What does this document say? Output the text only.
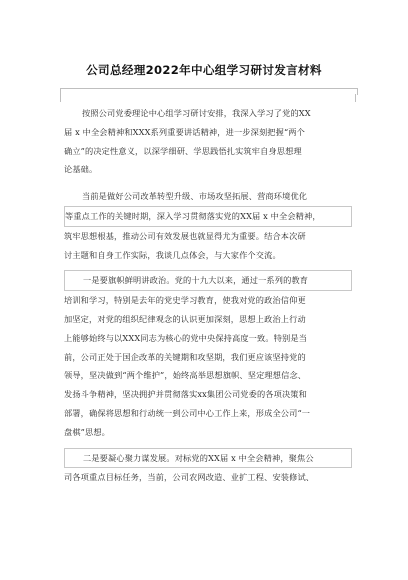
公司总经理2022年中心组学习研讨发言材料
按照公司党委理论中心组学习研讨安排，我深入学习了党的XX
届 x 中全会精神和XXX系列重要讲话精神，进一步深刻把握“两个
确立”的决定性意义，以深学细研、学思践悟扎实筑牢自身思想理
论基础。
当前是做好公司改革转型升级、市场攻坚拓展、营商环境优化
等重点工作的关键时期，深入学习贯彻落实党的XX届 x 中全会精神，
筑牢思想根基，推动公司有效发展也就显得尤为重要。结合本次研
讨主题和自身工作实际，我谈几点体会，与大家作个交流。
一是要旗帜鲜明讲政治。党的十九大以来，通过一系列的教育
培训和学习，特别是去年的党史学习教育，使我对党的政治信仰更
加坚定，对党的组织纪律观念的认识更加深刻，思想上政治上行动
上能够始终与以XXX同志为核心的党中央保持高度一致。特别是当
前，公司正处于国企改革的关键期和攻坚期，我们更应该坚持党的
领导，坚决做到“两个维护”，始终高举思想旗帜、坚定理想信念、
发扬斗争精神，坚决拥护并贯彻落实xx集团公司党委的各项决策和
部署，确保将思想和行动统一到公司中心工作上来，形成全公司“一
盘棋”思想。
二是要凝心聚力谋发展。对标党的XX届 x 中全会精神，聚焦公
司各项重点目标任务，当前，公司农网改造、业扩工程、安装修试、
